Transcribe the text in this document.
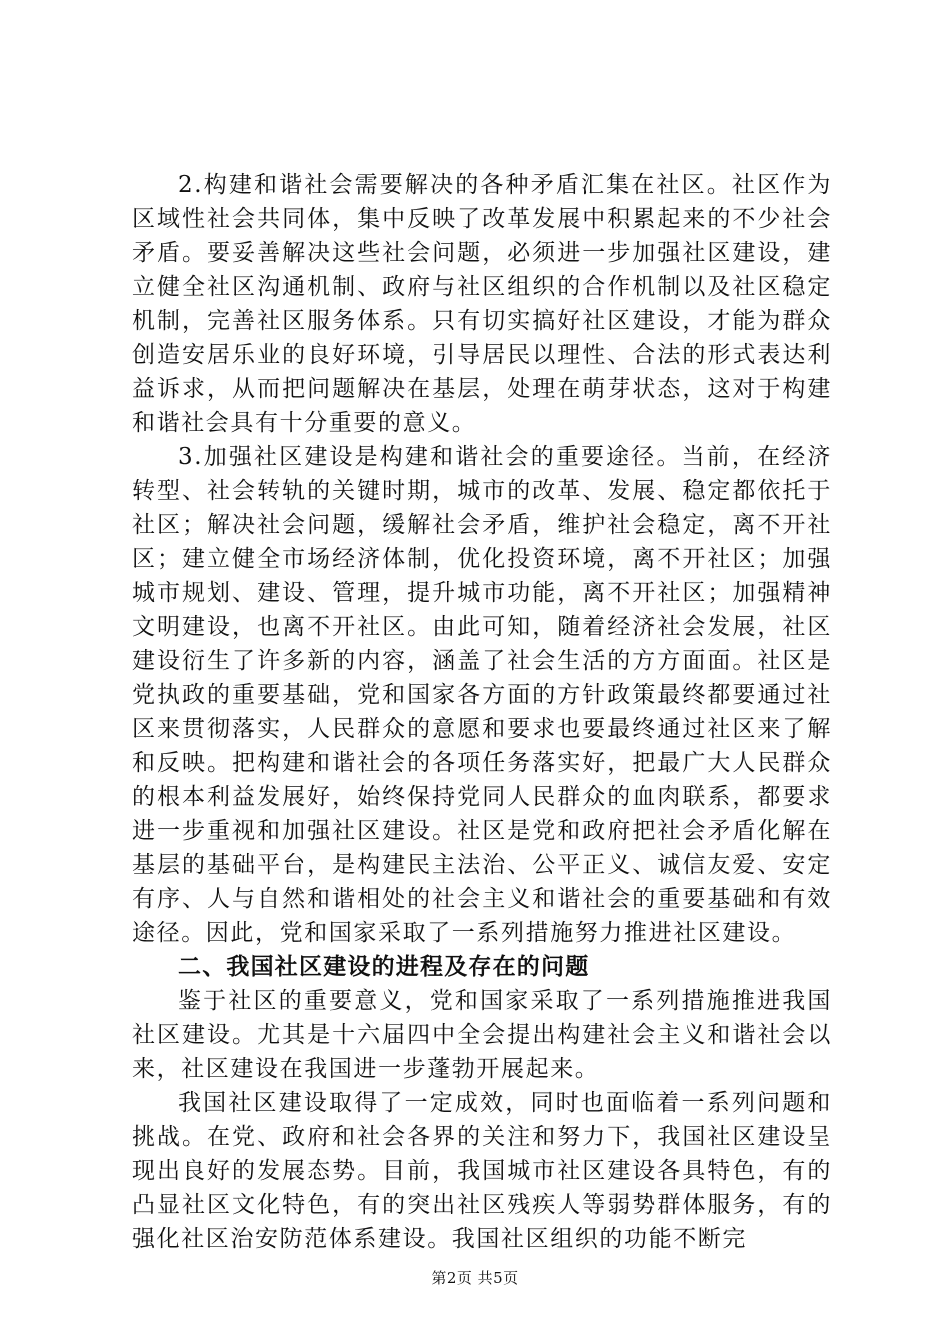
2.构建和谐社会需要解决的各种矛盾汇集在社区。社区作为区域性社会共同体，集中反映了改革发展中积累起来的不少社会矛盾。要妥善解决这些社会问题，必须进一步加强社区建设，建立健全社区沟通机制、政府与社区组织的合作机制以及社区稳定机制，完善社区服务体系。只有切实搞好社区建设，才能为群众创造安居乐业的良好环境，引导居民以理性、合法的形式表达利益诉求，从而把问题解决在基层，处理在萌芽状态，这对于构建和谐社会具有十分重要的意义。

3.加强社区建设是构建和谐社会的重要途径。当前，在经济转型、社会转轨的关键时期，城市的改革、发展、稳定都依托于社区；解决社会问题，缓解社会矛盾，维护社会稳定，离不开社区；建立健全市场经济体制，优化投资环境，离不开社区；加强城市规划、建设、管理，提升城市功能，离不开社区；加强精神文明建设，也离不开社区。由此可知，随着经济社会发展，社区建设衍生了许多新的内容，涵盖了社会生活的方方面面。社区是党执政的重要基础，党和国家各方面的方针政策最终都要通过社区来贯彻落实，人民群众的意愿和要求也要最终通过社区来了解和反映。把构建和谐社会的各项任务落实好，把最广大人民群众的根本利益发展好，始终保持党同人民群众的血肉联系，都要求进一步重视和加强社区建设。社区是党和政府把社会矛盾化解在基层的基础平台，是构建民主法治、公平正义、诚信友爱、安定有序、人与自然和谐相处的社会主义和谐社会的重要基础和有效途径。因此，党和国家采取了一系列措施努力推进社区建设。

二、我国社区建设的进程及存在的问题

鉴于社区的重要意义，党和国家采取了一系列措施推进我国社区建设。尤其是十六届四中全会提出构建社会主义和谐社会以来，社区建设在我国进一步蓬勃开展起来。

我国社区建设取得了一定成效，同时也面临着一系列问题和挑战。在党、政府和社会各界的关注和努力下，我国社区建设呈现出良好的发展态势。目前，我国城市社区建设各具特色，有的凸显社区文化特色，有的突出社区残疾人等弱势群体服务，有的强化社区治安防范体系建设。我国社区组织的功能不断完

第2页 共5页
